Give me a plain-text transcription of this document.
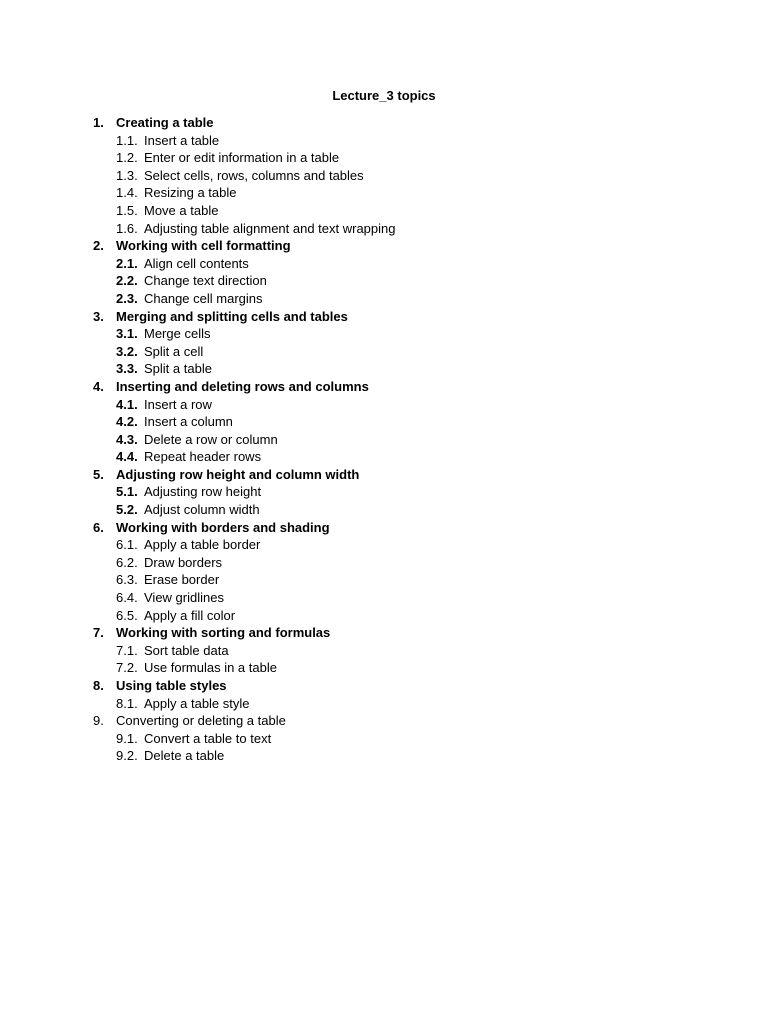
Lecture_3 topics
1. Creating a table
1.1. Insert a table
1.2. Enter or edit information in a table
1.3. Select cells, rows, columns and tables
1.4. Resizing a table
1.5. Move a table
1.6. Adjusting table alignment and text wrapping
2. Working with cell formatting
2.1. Align cell contents
2.2. Change text direction
2.3. Change cell margins
3. Merging and splitting cells and tables
3.1. Merge cells
3.2. Split a cell
3.3. Split a table
4. Inserting and deleting rows and columns
4.1. Insert a row
4.2. Insert a column
4.3. Delete a row or column
4.4. Repeat header rows
5. Adjusting row height and column width
5.1. Adjusting row height
5.2. Adjust column width
6. Working with borders and shading
6.1. Apply a table border
6.2. Draw borders
6.3. Erase border
6.4. View gridlines
6.5. Apply a fill color
7. Working with sorting and formulas
7.1. Sort table data
7.2. Use formulas in a table
8. Using table styles
8.1. Apply a table style
9. Converting or deleting a table
9.1. Convert a table to text
9.2. Delete a table
